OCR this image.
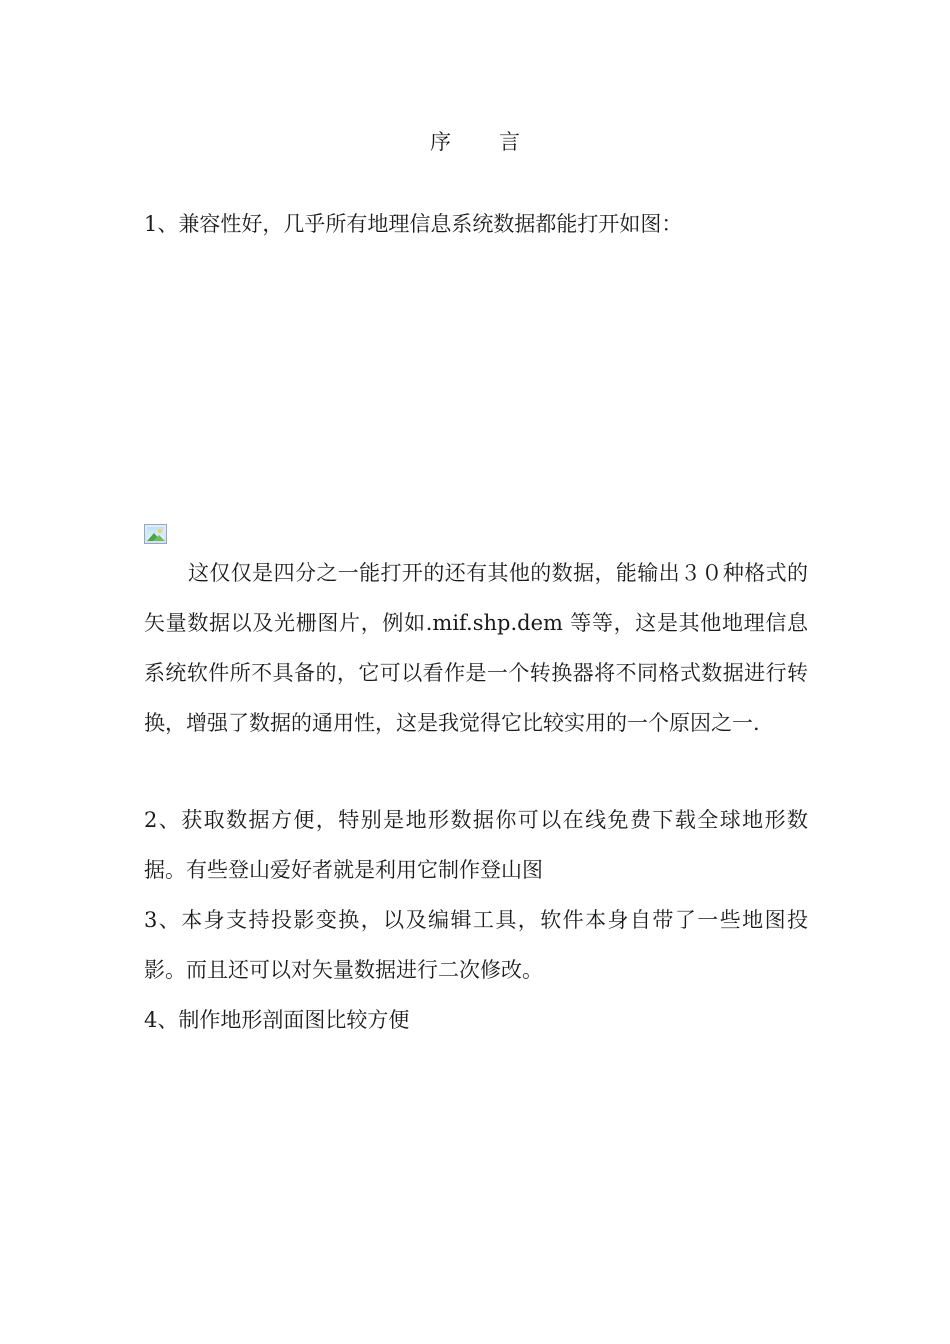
序 言
1、兼容性好，几乎所有地理信息系统数据都能打开如图：
这仅仅是四分之一能打开的还有其他的数据，能输出３０种格式的矢量数据以及光栅图片，例如.mif.shp.dem 等等，这是其他地理信息系统软件所不具备的，它可以看作是一个转换器将不同格式数据进行转换，增强了数据的通用性，这是我觉得它比较实用的一个原因之一.
2、获取数据方便，特别是地形数据你可以在线免费下载全球地形数据。有些登山爱好者就是利用它制作登山图
3、本身支持投影变换，以及编辑工具，软件本身自带了一些地图投影。而且还可以对矢量数据进行二次修改。
4、制作地形剖面图比较方便
